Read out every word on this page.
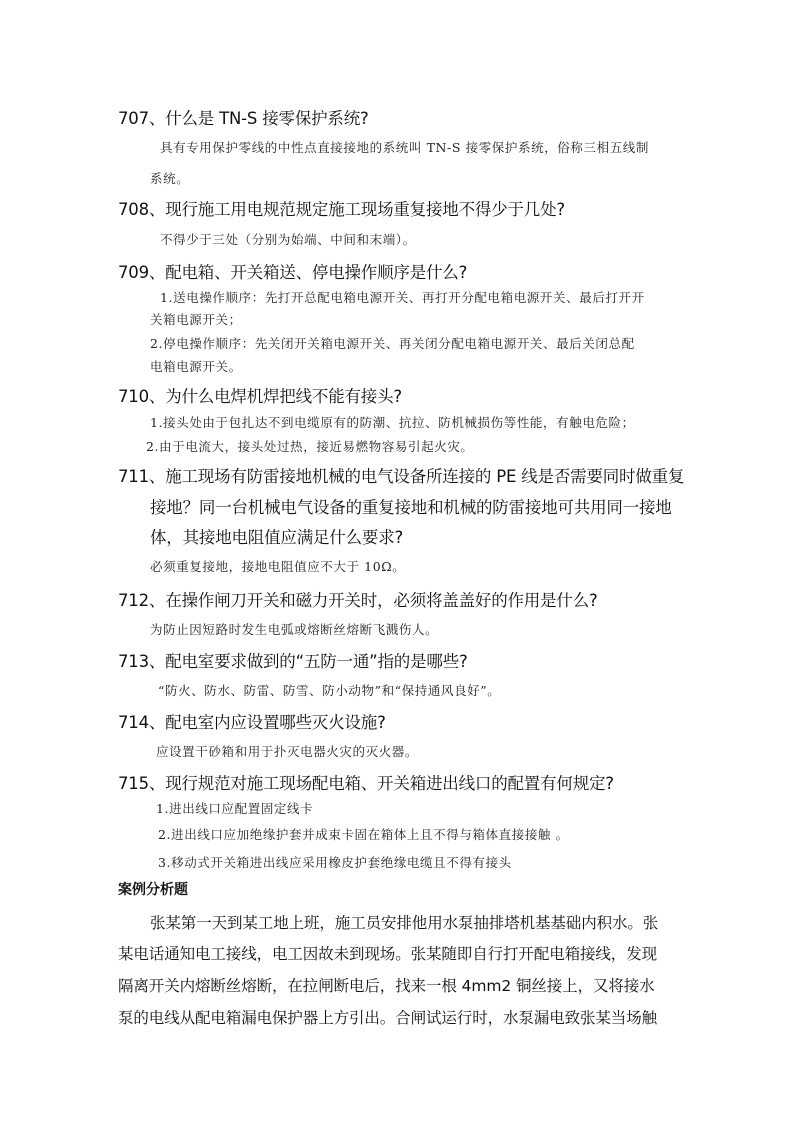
707、什么是 TN-S 接零保护系统?
具有专用保护零线的中性点直接接地的系统叫 TN-S 接零保护系统，俗称三相五线制
系统。
708、现行施工用电规范规定施工现场重复接地不得少于几处?
不得少于三处（分别为始端、中间和末端）。
709、配电箱、开关箱送、停电操作顺序是什么?
1.送电操作顺序：先打开总配电箱电源开关、再打开分配电箱电源开关、最后打开开
关箱电源开关；
2.停电操作顺序：先关闭开关箱电源开关、再关闭分配电箱电源开关、最后关闭总配
电箱电源开关。
710、为什么电焊机焊把线不能有接头?
1.接头处由于包扎达不到电缆原有的防潮、抗拉、防机械损伤等性能，有触电危险；
2.由于电流大，接头处过热，接近易燃物容易引起火灾。
711、施工现场有防雷接地机械的电气设备所连接的 PE 线是否需要同时做重复
接地？同一台机械电气设备的重复接地和机械的防雷接地可共用同一接地
体，其接地电阻值应满足什么要求?
必须重复接地，接地电阻值应不大于 10Ω。
712、在操作闸刀开关和磁力开关时，必须将盖盖好的作用是什么?
为防止因短路时发生电弧或熔断丝熔断飞溅伤人。
713、配电室要求做到的“五防一通”指的是哪些?
“防火、防水、防雷、防雪、防小动物”和“保持通风良好”。
714、配电室内应设置哪些灭火设施?
应设置干砂箱和用于扑灭电器火灾的灭火器。
715、现行规范对施工现场配电箱、开关箱进出线口的配置有何规定?
1.进出线口应配置固定线卡
2.进出线口应加绝缘护套并成束卡固在箱体上且不得与箱体直接接触 。
3.移动式开关箱进出线应采用橡皮护套绝缘电缆且不得有接头
案例分析题
张某第一天到某工地上班，施工员安排他用水泵抽排塔机基基础内积水。张
某电话通知电工接线，电工因故未到现场。张某随即自行打开配电箱接线，发现
隔离开关内熔断丝熔断，在拉闸断电后，找来一根 4mm2 铜丝接上，又将接水
泵的电线从配电箱漏电保护器上方引出。合闸试运行时，水泵漏电致张某当场触
